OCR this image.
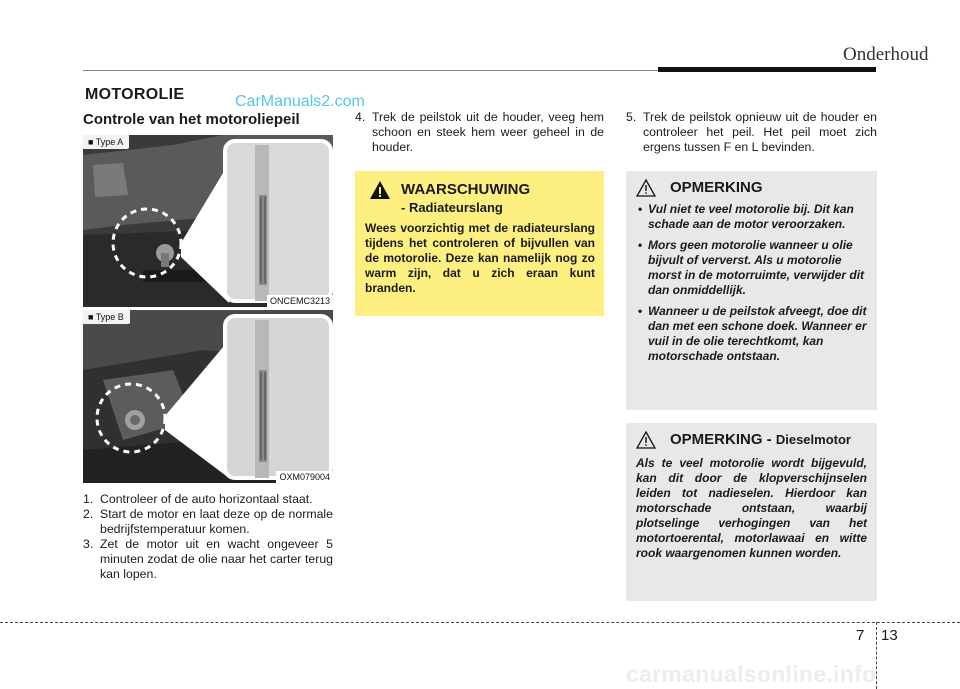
Onderhoud
MOTOROLIE	CarManuals2.com
Controle van het motoroliepeil
■ Type A
ONCEMC3213
■ Type B
OXM079004
1. Controleer of de auto horizontaal staat.
2. Start de motor en laat deze op de normale bedrijfstemperatuur komen.
3. Zet de motor uit en wacht ongeveer 5 minuten zodat de olie naar het carter terug kan lopen.
4. Trek de peilstok uit de houder, veeg hem schoon en steek hem weer geheel in de houder.
5. Trek de peilstok opnieuw uit de houder en controleer het peil. Het peil moet zich ergens tussen F en L bevinden.
WAARSCHUWING
- Radiateurslang
Wees voorzichtig met de radiateurslang tijdens het controleren of bijvullen van de motorolie. Deze kan namelijk nog zo warm zijn, dat u zich eraan kunt branden.
OPMERKING
• Vul niet te veel motorolie bij. Dit kan schade aan de motor veroorzaken.
• Mors geen motorolie wanneer u olie bijvult of ververst. Als u motorolie morst in de motorruimte, verwijder dit dan onmiddellijk.
• Wanneer u de peilstok afveegt, doe dit dan met een schone doek. Wanneer er vuil in de olie terechtkomt, kan motorschade ontstaan.
OPMERKING - Dieselmotor
Als te veel motorolie wordt bijgevuld, kan dit door de klopverschijnselen leiden tot nadieselen. Hierdoor kan motorschade ontstaan, waarbij plotselinge verhogingen van het motortoerental, motorlawaai en witte rook waargenomen kunnen worden.
7 13
carmanualsonline.info
